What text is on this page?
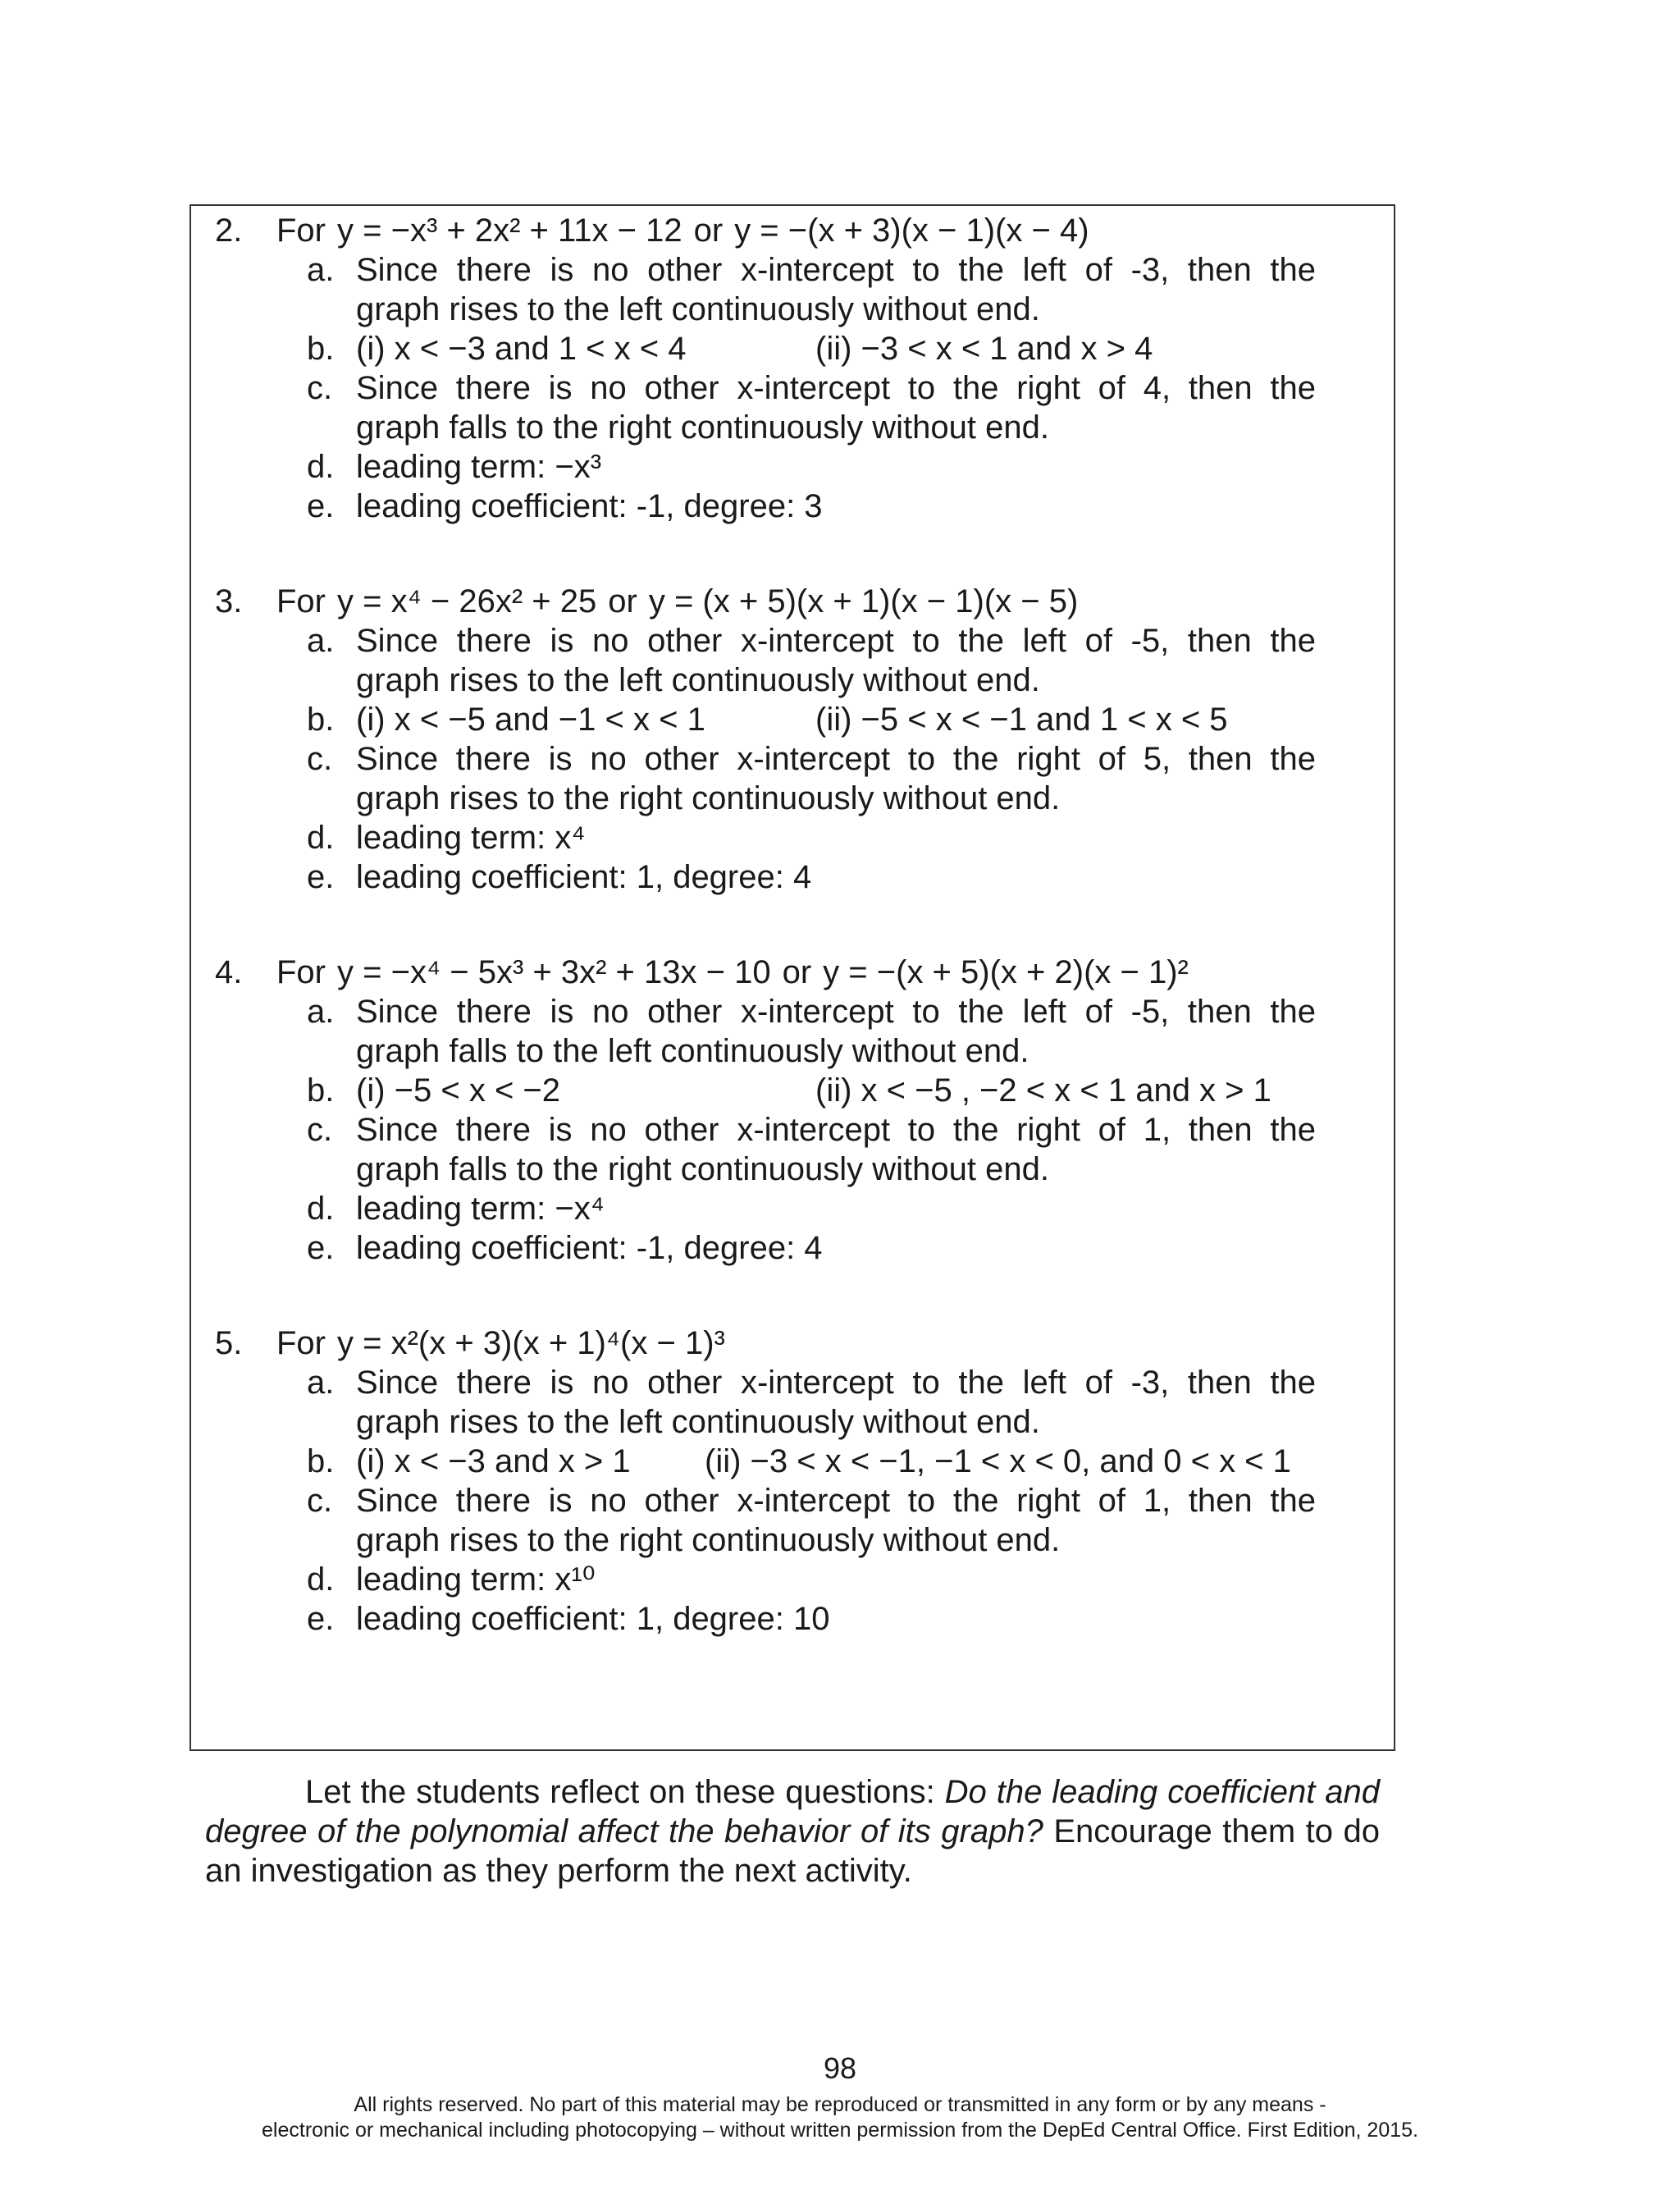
2.	For y = −x³ + 2x² + 11x − 12 or y = −(x + 3)(x − 1)(x − 4)
a. Since there is no other x-intercept to the left of -3, then the
graph rises to the left continuously without end.
b. (i) x < −3 and 1 < x < 4	(ii) −3 < x < 1 and x > 4
c. Since there is no other x-intercept to the right of 4, then the
graph falls to the right continuously without end.
d. leading term: −x³
e. leading coefficient: -1, degree: 3
3.	For y = x⁴ − 26x² + 25 or y = (x + 5)(x + 1)(x − 1)(x − 5)
a. Since there is no other x-intercept to the left of -5, then the
graph rises to the left continuously without end.
b. (i) x < −5 and −1 < x < 1	(ii) −5 < x < −1 and 1 < x < 5
c. Since there is no other x-intercept to the right of 5, then the
graph rises to the right continuously without end.
d. leading term: x⁴
e. leading coefficient: 1, degree: 4
4.	For y = −x⁴ − 5x³ + 3x² + 13x − 10 or y = −(x + 5)(x + 2)(x − 1)²
a. Since there is no other x-intercept to the left of -5, then the
graph falls to the left continuously without end.
b. (i) −5 < x < −2	(ii) x < −5 , −2 < x < 1 and x > 1
c. Since there is no other x-intercept to the right of 1, then the
graph falls to the right continuously without end.
d. leading term: −x⁴
e. leading coefficient: -1, degree: 4
5.	For y = x²(x + 3)(x + 1)⁴(x − 1)³
a. Since there is no other x-intercept to the left of -3, then the
graph rises to the left continuously without end.
b. (i) x < −3 and x > 1	(ii) −3 < x < −1, −1 < x < 0, and 0 < x < 1
c. Since there is no other x-intercept to the right of 1, then the
graph rises to the right continuously without end.
d. leading term: x¹⁰
e. leading coefficient: 1, degree: 10
Let the students reflect on these questions: Do the leading coefficient and degree of the polynomial affect the behavior of its graph? Encourage them to do an investigation as they perform the next activity.
98
All rights reserved. No part of this material may be reproduced or transmitted in any form or by any means -
electronic or mechanical including photocopying – without written permission from the DepEd Central Office. First Edition, 2015.
